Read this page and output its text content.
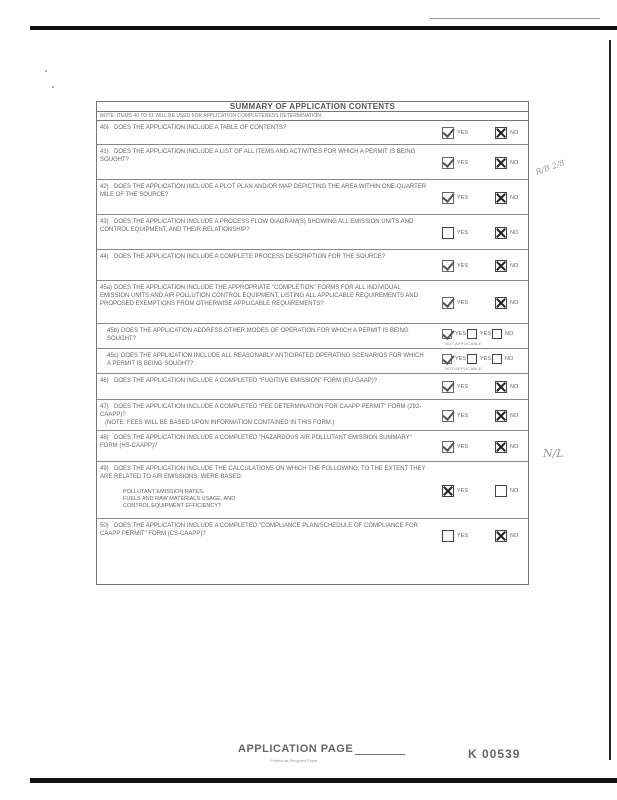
SUMMARY OF APPLICATION CONTENTS
NOTE: ITEMS 40 TO 51 WILL BE USED FOR APPLICATION COMPLETENESS DETERMINATION.
40) DOES THE APPLICATION INCLUDE A TABLE OF CONTENTS?
YES	NO
41) DOES THE APPLICATION INCLUDE A LIST OF ALL ITEMS AND ACTIVITIES FOR WHICH A PERMIT IS BEING SOUGHT?	YES	NO
42) DOES THE APPLICATION INCLUDE A PLOT PLAN AND/OR MAP DEPICTING THE AREA WITHIN ONE-QUARTER MILE OF THE SOURCE?	YES	NO
43) DOES THE APPLICATION INCLUDE A PROCESS FLOW DIAGRAM(S) SHOWING ALL EMISSION UNITS AND CONTROL EQUIPMENT, AND THEIR RELATIONSHIP?	YES	NO
44) DOES THE APPLICATION INCLUDE A COMPLETE PROCESS DESCRIPTION FOR THE SOURCE?
YES	NO
45a) DOES THE APPLICATION INCLUDE THE APPROPRIATE "COMPLETION" FORMS FOR ALL INDIVIDUAL EMISSION UNITS AND AIR POLLUTION CONTROL EQUIPMENT, LISTING ALL APPLICABLE REQUIREMENTS AND PROPOSED EXEMPTIONS FROM OTHERWISE APPLICABLE REQUIREMENTS?	YES	NO
45b) DOES THE APPLICATION ADDRESS OTHER MODES OF OPERATION FOR WHICH A PERMIT IS BEING SOUGHT?
YES	YES	NO
NOT APPLICABLE
45c) DOES THE APPLICATION INCLUDE ALL REASONABLY ANTICIPATED OPERATING SCENARIOS FOR WHICH A PERMIT IS BEING SOUGHT?
YES	YES	NO
NOT APPLICABLE
46) DOES THE APPLICATION INCLUDE A COMPLETED "FUGITIVE EMISSION" FORM (EU-GAAP)?
YES	NO
47) DOES THE APPLICATION INCLUDE A COMPLETED "FEE DETERMINATION FOR CAAPP PERMIT" FORM (292-CAAPP)?
(NOTE: FEES WILL BE BASED UPON INFORMATION CONTAINED IN THIS FORM.)
YES	NO
48) DOES THE APPLICATION INCLUDE A COMPLETED "HAZARDOUS AIR POLLUTANT EMISSION SUMMARY" FORM (HS-CAAPP)?	YES	NO
49) DOES THE APPLICATION INCLUDE THE CALCULATIONS ON WHICH THE FOLLOWING, TO THE EXTENT THEY ARE RELATED TO AIR EMISSIONS, WERE BASED:
POLLUTANT EMISSION RATES,
FUELS AND RAW MATERIALS USAGE, AND
CONTROL EQUIPMENT EFFICIENCY?
YES	NO
50) DOES THE APPLICATION INCLUDE A COMPLETED "COMPLIANCE PLAN/SCHEDULE OF COMPLIANCE FOR CAAPP PERMIT" FORM (CS-CAAPP)?	YES	NO
R/B 2/8
N/L
APPLICATION PAGE
Printed on Recycled Paper	K 00539
